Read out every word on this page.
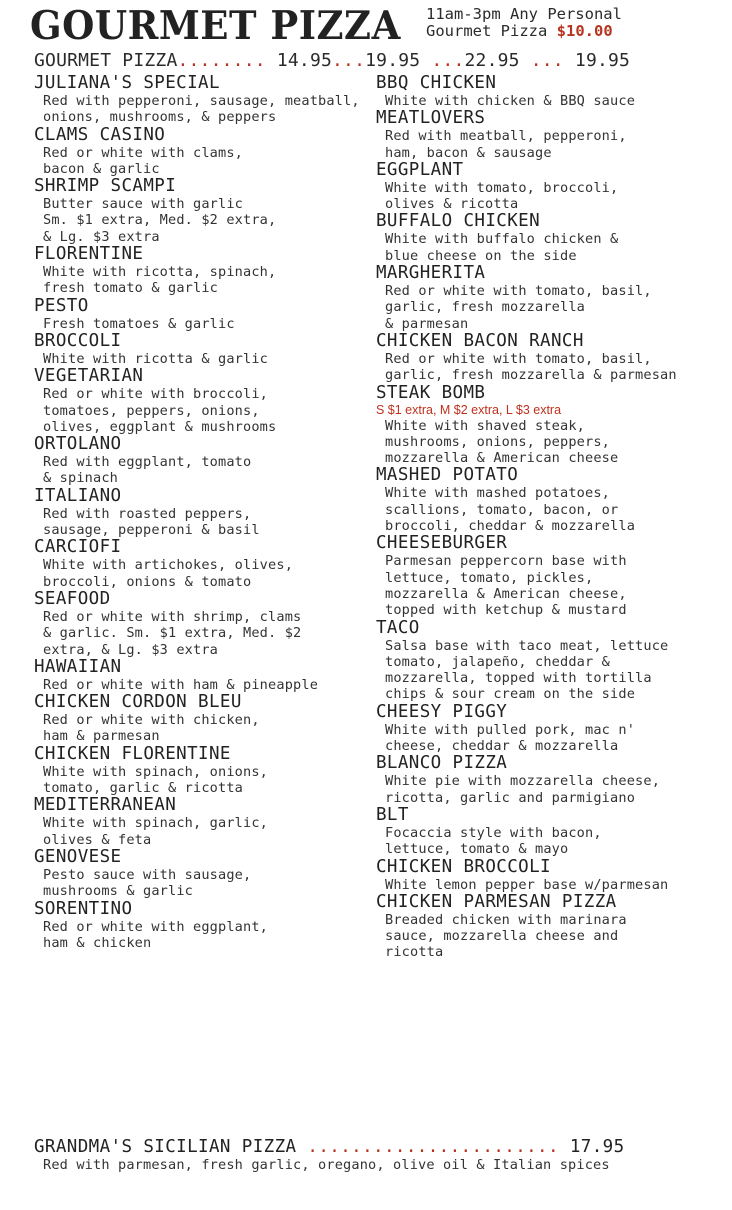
GOURMET PIZZA 11am-3pm Any Personal
Gourmet Pizza $10.00
GOURMET PIZZA........ 14.95...19.95 ...22.95 ... 19.95
JULIANA'S SPECIAL
Red with pepperoni, sausage, meatball,
onions, mushrooms, & peppers
CLAMS CASINO
Red or white with clams,
bacon & garlic
SHRIMP SCAMPI
Butter sauce with garlic
Sm. $1 extra, Med. $2 extra,
& Lg. $3 extra
FLORENTINE
White with ricotta, spinach,
fresh tomato & garlic
PESTO
Fresh tomatoes & garlic
BROCCOLI
White with ricotta & garlic
VEGETARIAN
Red or white with broccoli,
tomatoes, peppers, onions,
olives, eggplant & mushrooms
ORTOLANO
Red with eggplant, tomato
& spinach
ITALIANO
Red with roasted peppers,
sausage, pepperoni & basil
CARCIOFI
White with artichokes, olives,
broccoli, onions & tomato
SEAFOOD
Red or white with shrimp, clams
& garlic. Sm. $1 extra, Med. $2
extra, & Lg. $3 extra
HAWAIIAN
Red or white with ham & pineapple
CHICKEN CORDON BLEU
Red or white with chicken,
ham & parmesan
CHICKEN FLORENTINE
White with spinach, onions,
tomato, garlic & ricotta
MEDITERRANEAN
White with spinach, garlic,
olives & feta
GENOVESE
Pesto sauce with sausage,
mushrooms & garlic
SORENTINO
Red or white with eggplant,
ham & chicken
BBQ CHICKEN
White with chicken & BBQ sauce
MEATLOVERS
Red with meatball, pepperoni,
ham, bacon & sausage
EGGPLANT
White with tomato, broccoli,
olives & ricotta
BUFFALO CHICKEN
White with buffalo chicken &
blue cheese on the side
MARGHERITA
Red or white with tomato, basil,
garlic, fresh mozzarella
& parmesan
CHICKEN BACON RANCH
Red or white with tomato, basil,
garlic, fresh mozzarella & parmesan
STEAK BOMB
S $1 extra, M $2 extra, L $3 extra
White with shaved steak,
mushrooms, onions, peppers,
mozzarella & American cheese
MASHED POTATO
White with mashed potatoes,
scallions, tomato, bacon, or
broccoli, cheddar & mozzarella
CHEESEBURGER
Parmesan peppercorn base with
lettuce, tomato, pickles,
mozzarella & American cheese,
topped with ketchup & mustard
TACO
Salsa base with taco meat, lettuce
tomato, jalapeño, cheddar &
mozzarella, topped with tortilla
chips & sour cream on the side
CHEESY PIGGY
White with pulled pork, mac n'
cheese, cheddar & mozzarella
BLANCO PIZZA
White pie with mozzarella cheese,
ricotta, garlic and parmigiano
BLT
Focaccia style with bacon,
lettuce, tomato & mayo
CHICKEN BROCCOLI
White lemon pepper base w/parmesan
CHICKEN PARMESAN PIZZA
Breaded chicken with marinara
sauce, mozzarella cheese and
ricotta
GRANDMA'S SICILIAN PIZZA ....................... 17.95
Red with parmesan, fresh garlic, oregano, olive oil & Italian spices
